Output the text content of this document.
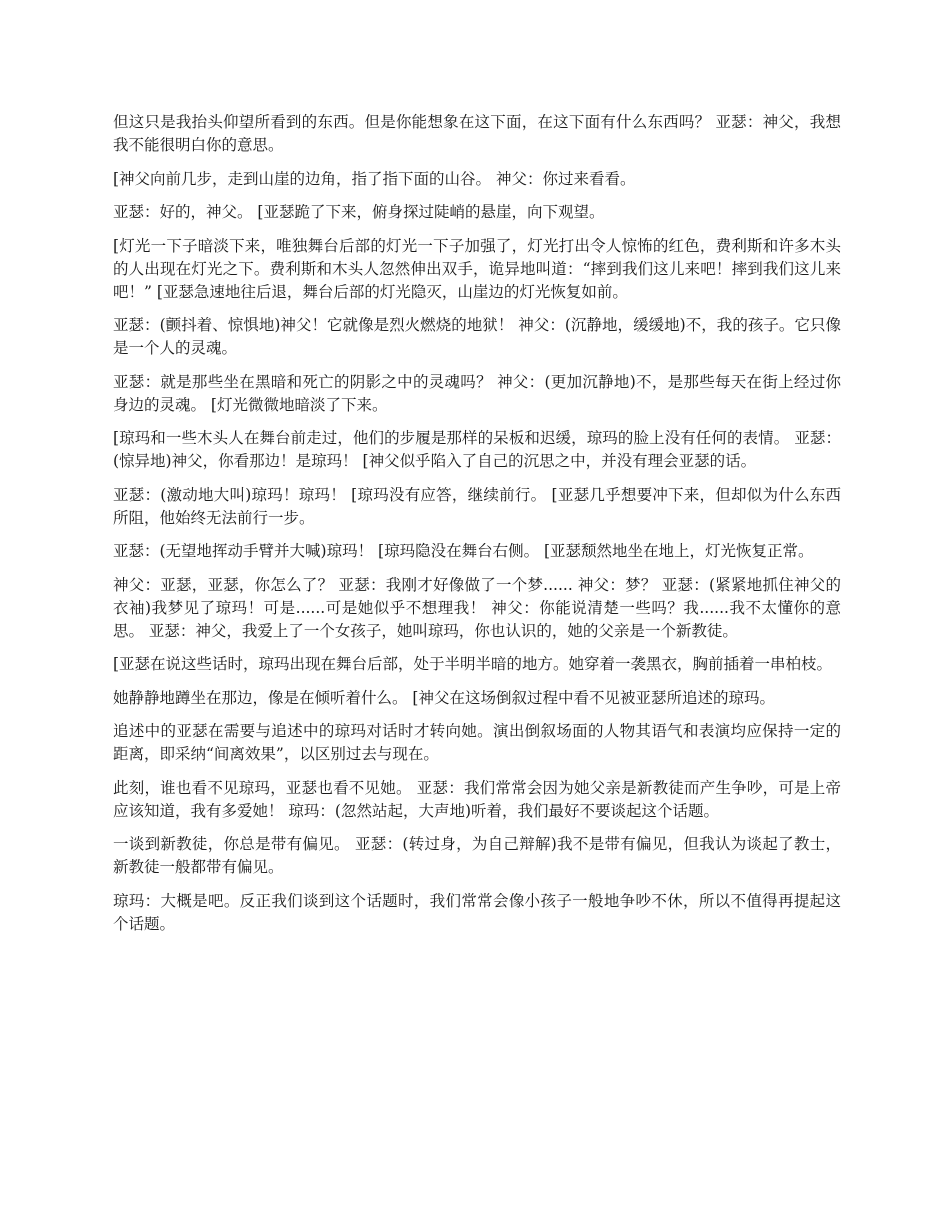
但这只是我抬头仰望所看到的东西。但是你能想象在这下面，在这下面有什么东西吗？ 亚瑟：神父，我想我不能很明白你的意思。

[神父向前几步，走到山崖的边角，指了指下面的山谷。 神父：你过来看看。

亚瑟：好的，神父。 [亚瑟跪了下来，俯身探过陡峭的悬崖，向下观望。

[灯光一下子暗淡下来，唯独舞台后部的灯光一下子加强了，灯光打出令人惊怖的红色，费利斯和许多木头的人出现在灯光之下。费利斯和木头人忽然伸出双手，诡异地叫道：“摔到我们这儿来吧！摔到我们这儿来吧！” [亚瑟急速地往后退，舞台后部的灯光隐灭，山崖边的灯光恢复如前。

亚瑟：(颤抖着、惊惧地)神父！它就像是烈火燃烧的地狱！ 神父：(沉静地，缓缓地)不，我的孩子。它只像是一个人的灵魂。

亚瑟：就是那些坐在黑暗和死亡的阴影之中的灵魂吗？ 神父：(更加沉静地)不，是那些每天在街上经过你身边的灵魂。 [灯光微微地暗淡了下来。

[琼玛和一些木头人在舞台前走过，他们的步履是那样的呆板和迟缓，琼玛的脸上没有任何的表情。 亚瑟：(惊异地)神父，你看那边！是琼玛！ [神父似乎陷入了自己的沉思之中，并没有理会亚瑟的话。

亚瑟：(激动地大叫)琼玛！琼玛！ [琼玛没有应答，继续前行。 [亚瑟几乎想要冲下来，但却似为什么东西所阻，他始终无法前行一步。

亚瑟：(无望地挥动手臂并大喊)琼玛！ [琼玛隐没在舞台右侧。 [亚瑟颓然地坐在地上，灯光恢复正常。

神父：亚瑟，亚瑟，你怎么了？ 亚瑟：我刚才好像做了一个梦...... 神父：梦？ 亚瑟：(紧紧地抓住神父的衣袖)我梦见了琼玛！可是......可是她似乎不想理我！ 神父：你能说清楚一些吗？我......我不太懂你的意思。 亚瑟：神父，我爱上了一个女孩子，她叫琼玛，你也认识的，她的父亲是一个新教徒。

[亚瑟在说这些话时，琼玛出现在舞台后部，处于半明半暗的地方。她穿着一袭黑衣，胸前插着一串柏枝。

她静静地蹲坐在那边，像是在倾听着什么。 [神父在这场倒叙过程中看不见被亚瑟所追述的琼玛。

追述中的亚瑟在需要与追述中的琼玛对话时才转向她。演出倒叙场面的人物其语气和表演均应保持一定的距离，即采纳“间离效果”，以区别过去与现在。

此刻，谁也看不见琼玛，亚瑟也看不见她。 亚瑟：我们常常会因为她父亲是新教徒而产生争吵，可是上帝应该知道，我有多爱她！ 琼玛：(忽然站起，大声地)听着，我们最好不要谈起这个话题。

一谈到新教徒，你总是带有偏见。 亚瑟：(转过身，为自己辩解)我不是带有偏见，但我认为谈起了教士，新教徒一般都带有偏见。

琼玛：大概是吧。反正我们谈到这个话题时，我们常常会像小孩子一般地争吵不休，所以不值得再提起这个话题。
